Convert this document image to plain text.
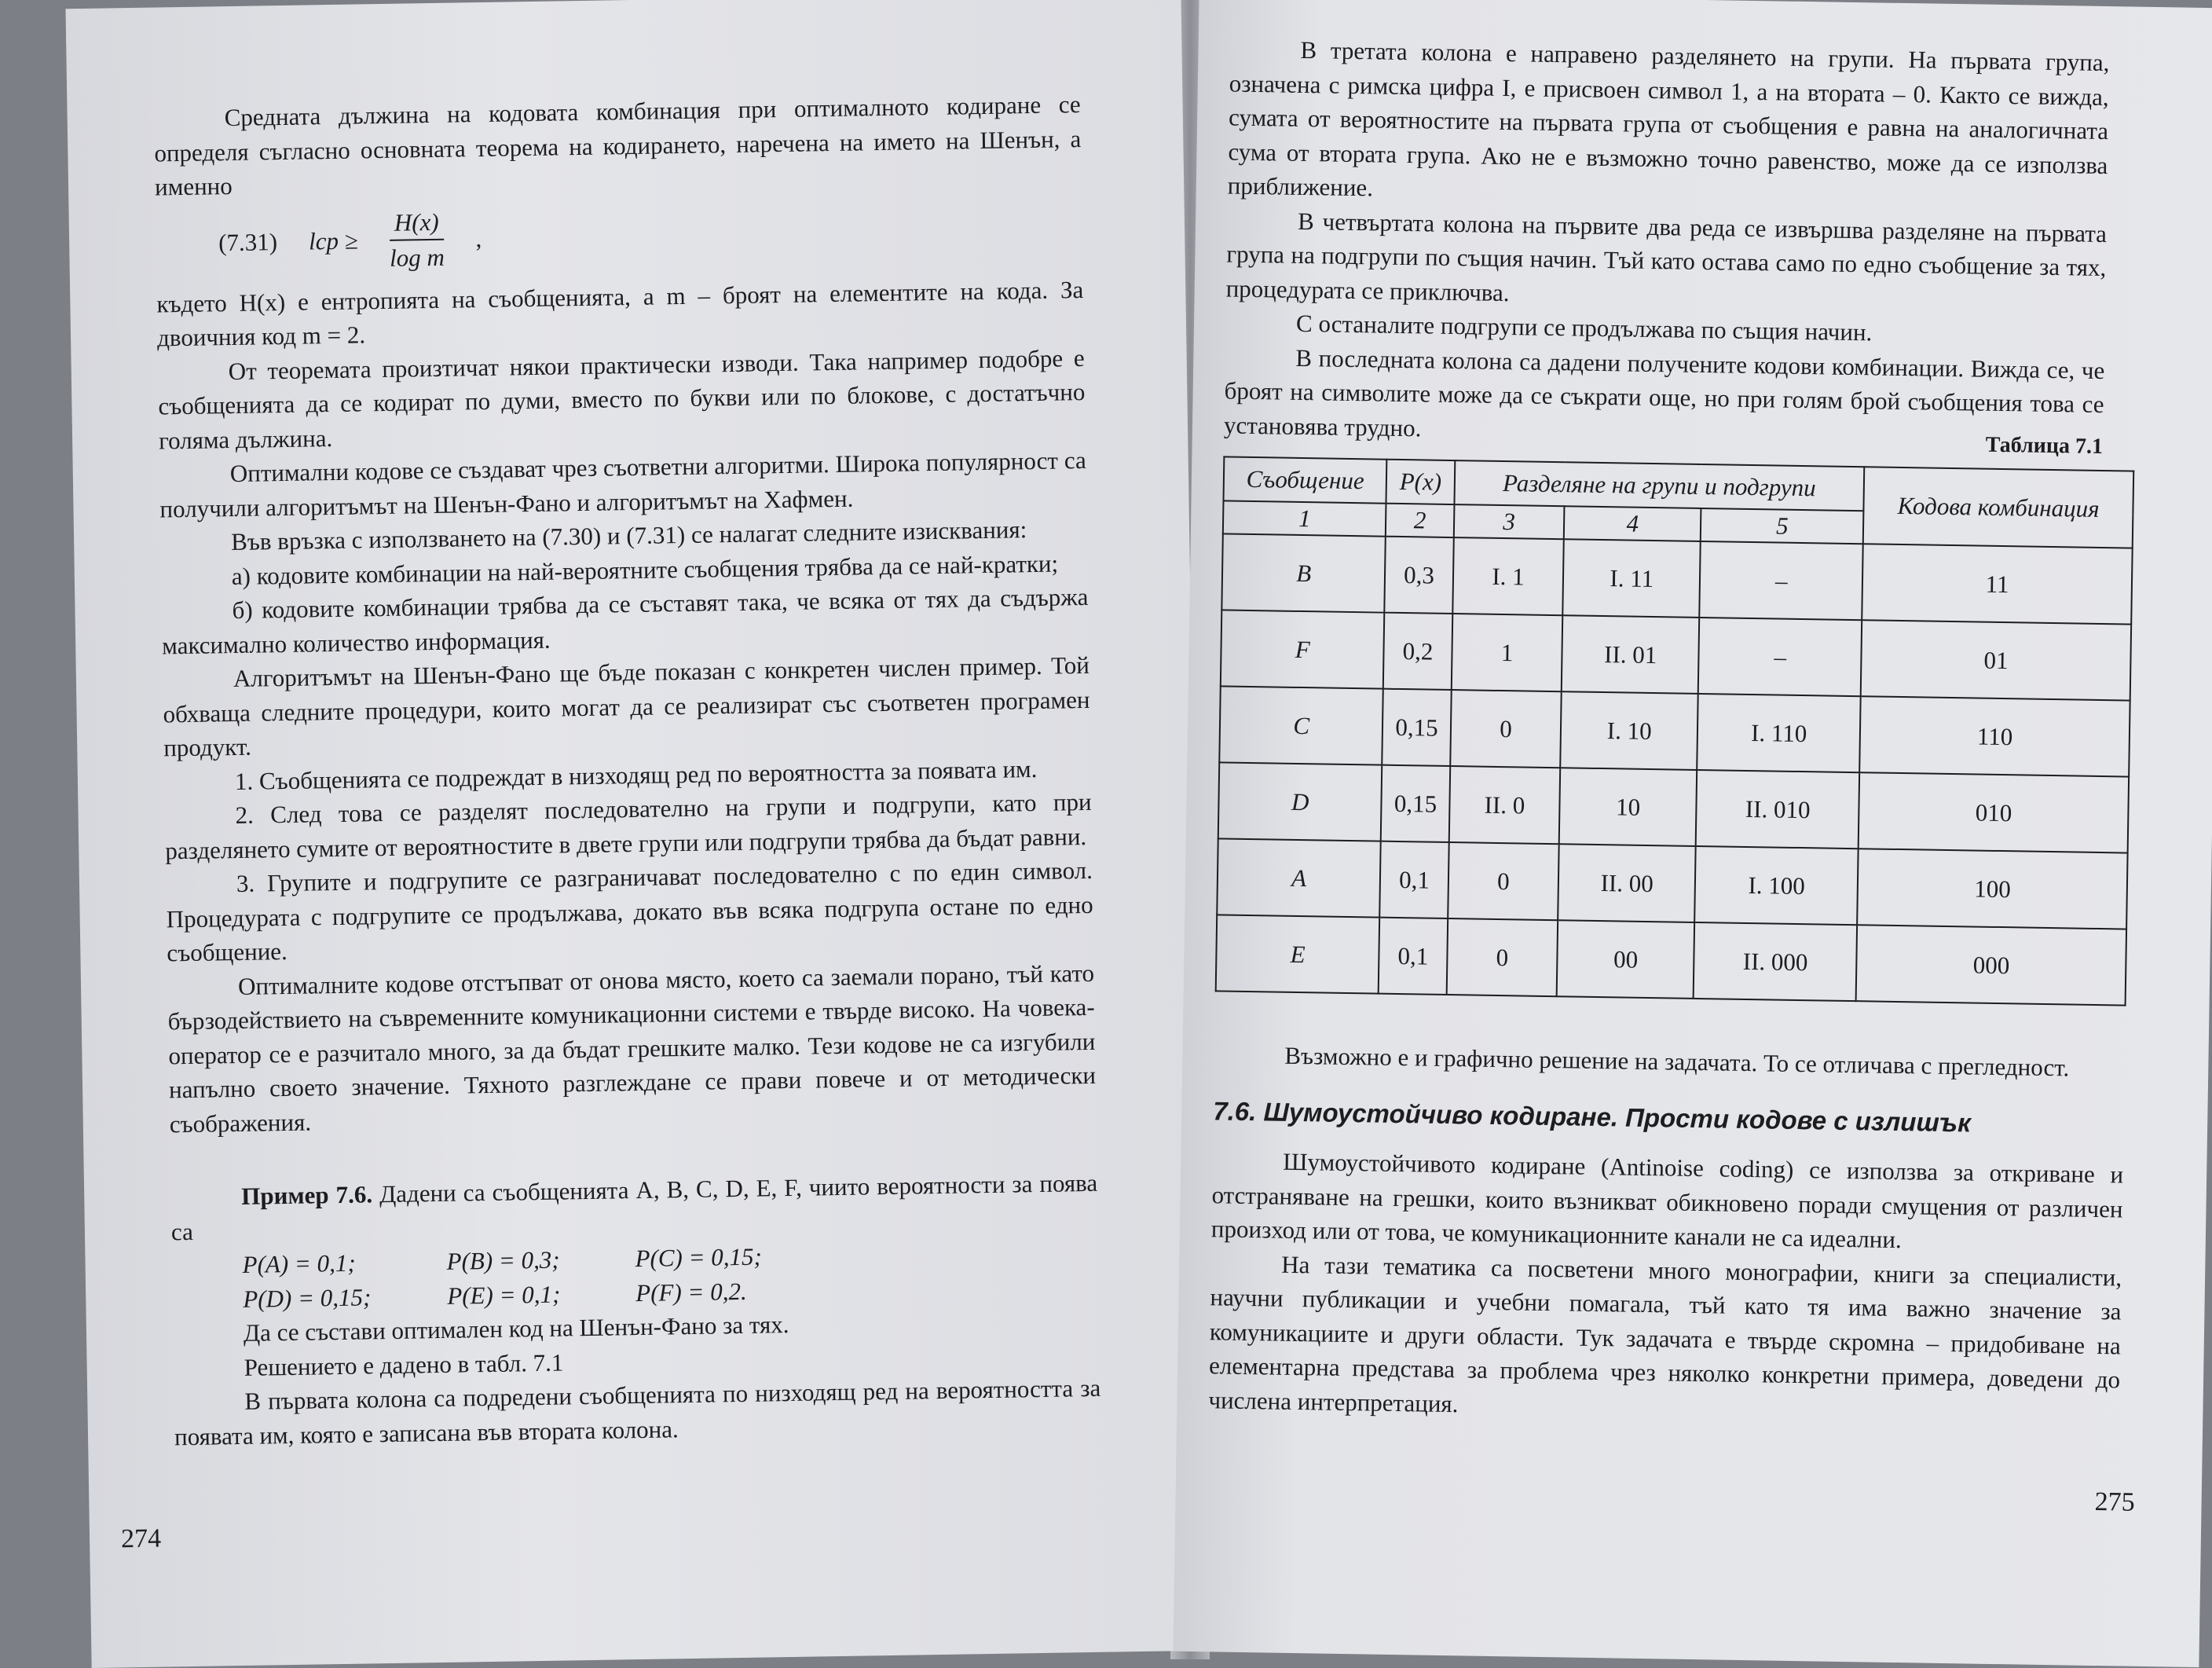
Средната дължина на кодовата комбинация при оптималното кодиране се определя съгласно основната теорема на кодирането, наречена на името на Шенън, а именно

(7.31) lср ≥ $\frac{H(x)}{\text{log m}}$ ,

където H(x) е ентропията на съобщенията, а m – броят на елементите на кода. За двоичния код m = 2.

От теоремата произтичат някои практически изводи. Така например подобре е съобщенията да се кодират по думи, вместо по букви или по блокове, с достатъчно голяма дължина.

Оптимални кодове се създават чрез съответни алгоритми. Широка популярност са получили алгоритъмът на Шенън-Фано и алгоритъмът на Хафмен.

Във връзка с използването на (7.30) и (7.31) се налагат следните изисквания:

а) кодовите комбинации на най-вероятните съобщения трябва да се най-кратки;

б) кодовите комбинации трябва да се съставят така, че всяка от тях да съдържа максимално количество информация.

Алгоритъмът на Шенън-Фано ще бъде показан с конкретен числен пример. Той обхваща следните процедури, които могат да се реализират със съответен програмен продукт.

1. Съобщенията се подреждат в низходящ ред по вероятността за появата им.

2. След това се разделят последователно на групи и подгрупи, като при разделянето сумите от вероятностите в двете групи или подгрупи трябва да бъдат равни.

3. Групите и подгрупите се разграничават последователно с по един символ. Процедурата с подгрупите се продължава, докато във всяка подгрупа остане по едно съобщение.

Оптималните кодове отстъпват от онова място, което са заемали порано, тъй като бързодействието на съвременните комуникационни системи е твърде високо. На човека-оператор се е разчитало много, за да бъдат грешките малко. Тези кодове не са изгубили напълно своето значение. Тяхното разглеждане се прави повече и от методически съображения.

Пример 7.6. Дадени са съобщенията A, B, C, D, E, F, чиито вероятности за поява са

P(A) = 0,1;	P(B) = 0,3;	P(C) = 0,15;
P(D) = 0,15;	P(E) = 0,1;	P(F) = 0,2.

Да се състави оптимален код на Шенън-Фано за тях.

Решението е дадено в табл. 7.1

В първата колона са подредени съобщенията по низходящ ред на вероятността за появата им, която е записана във втората колона.

274

В третата колона е направено разделянето на групи. На първата група, означена с римска цифра I, е присвоен символ 1, а на втората – 0. Както се вижда, сумата от вероятностите на първата група от съобщения е равна на аналогичната сума от втората група. Ако не е възможно точно равенство, може да се използва приближение.

В четвъртата колона на първите два реда се извършва разделяне на първата група на подгрупи по същия начин. Тъй като остава само по едно съобщение за тях, процедурата се приключва.

С останалите подгрупи се продължава по същия начин.

В последната колона са дадени получените кодови комбинации. Вижда се, че броят на символите може да се съкрати още, но при голям брой съобщения това се установява трудно.

Таблица 7.1
Съобщение	P(x)	Разделяне на групи и подгрупи			Кодова комбинация
1	2	3	4	5	
B	0,3	I. 1	I. 11	–	11
F	0,2	1	II. 01	–	01
C	0,15	0	I. 10	I. 110	110
D	0,15	II. 0	10	II. 010	010
A	0,1	0	II. 00	I. 100	100
E	0,1	0	00	II. 000	000

Възможно е и графично решение на задачата. То се отличава с прегледност.

7.6. Шумоустойчиво кодиране. Прости кодове с излишък

Шумоустойчивото кодиране (Antinoise coding) се използва за откриване и отстраняване на грешки, които възникват обикновено поради смущения от различен произход или от това, че комуникационните канали не са идеални.

На тази тематика са посветени много монографии, книги за специалисти, научни публикации и учебни помагала, тъй като тя има важно значение за комуникациите и други области. Тук задачата е твърде скромна – придобиване на елементарна представа за проблема чрез няколко конкретни примера, доведени до числена интерпретация.

275
